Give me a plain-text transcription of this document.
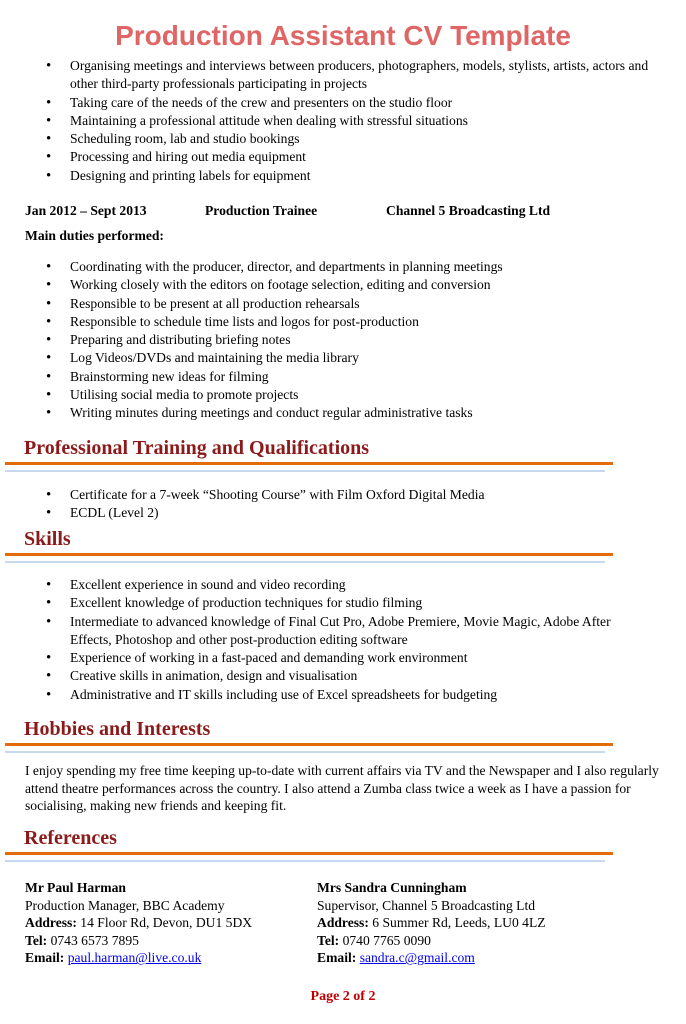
Production Assistant CV Template
• Organising meetings and interviews between producers, photographers, models, stylists, artists, actors and other third-party professionals participating in projects
• Taking care of the needs of the crew and presenters on the studio floor
• Maintaining a professional attitude when dealing with stressful situations
• Scheduling room, lab and studio bookings
• Processing and hiring out media equipment
• Designing and printing labels for equipment
Jan 2012 – Sept 2013	Production Trainee	Channel 5 Broadcasting Ltd
Main duties performed:
• Coordinating with the producer, director, and departments in planning meetings
• Working closely with the editors on footage selection, editing and conversion
• Responsible to be present at all production rehearsals
• Responsible to schedule time lists and logos for post-production
• Preparing and distributing briefing notes
• Log Videos/DVDs and maintaining the media library
• Brainstorming new ideas for filming
• Utilising social media to promote projects
• Writing minutes during meetings and conduct regular administrative tasks
Professional Training and Qualifications
• Certificate for a 7-week “Shooting Course” with Film Oxford Digital Media
• ECDL (Level 2)
Skills
• Excellent experience in sound and video recording
• Excellent knowledge of production techniques for studio filming
• Intermediate to advanced knowledge of Final Cut Pro, Adobe Premiere, Movie Magic, Adobe After Effects, Photoshop and other post-production editing software
• Experience of working in a fast-paced and demanding work environment
• Creative skills in animation, design and visualisation
• Administrative and IT skills including use of Excel spreadsheets for budgeting
Hobbies and Interests

I enjoy spending my free time keeping up-to-date with current affairs via TV and the Newspaper and I also regularly attend theatre performances across the country. I also attend a Zumba class twice a week as I have a passion for socialising, making new friends and keeping fit.

References
Mr Paul Harman
Production Manager, BBC Academy
Address: 14 Floor Rd, Devon, DU1 5DX
Tel: 0743 6573 7895
Email: paul.harman@live.co.uk
Mrs Sandra Cunningham
Supervisor, Channel 5 Broadcasting Ltd
Address: 6 Summer Rd, Leeds, LU0 4LZ
Tel: 0740 7765 0090
Email: sandra.c@gmail.com
Page 2 of 2
